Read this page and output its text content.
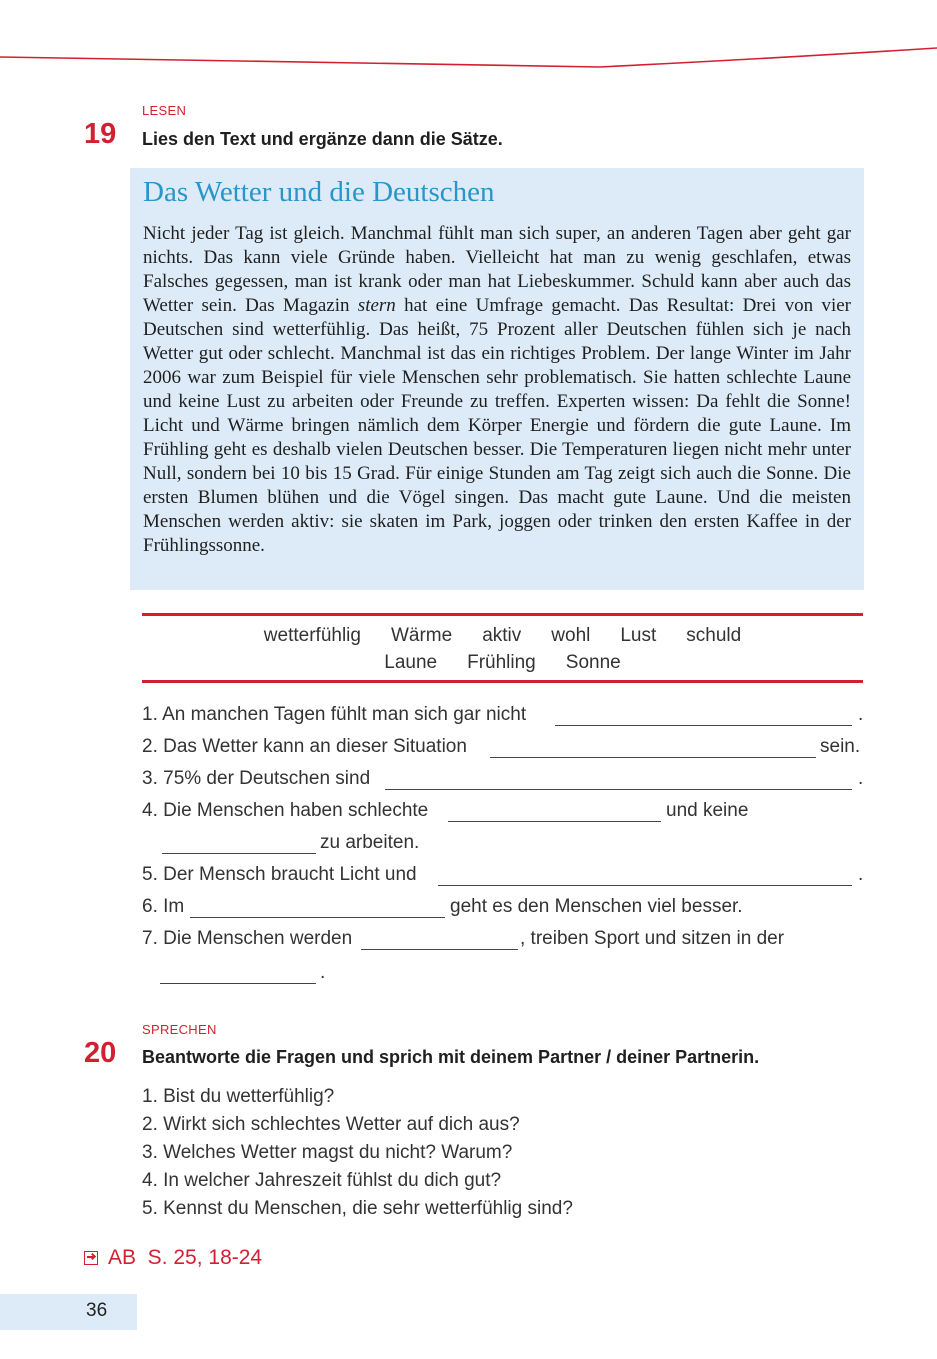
LESEN
19 Lies den Text und ergänze dann die Sätze.
Das Wetter und die Deutschen
Nicht jeder Tag ist gleich. Manchmal fühlt man sich super, an anderen Tagen aber geht gar nichts. Das kann viele Gründe haben. Vielleicht hat man zu wenig geschlafen, etwas Falsches gegessen, man ist krank oder man hat Liebeskummer. Schuld kann aber auch das Wetter sein. Das Magazin stern hat eine Umfrage gemacht. Das Resultat: Drei von vier Deutschen sind wetterfühlig. Das heißt, 75 Prozent aller Deutschen fühlen sich je nach Wetter gut oder schlecht. Manchmal ist das ein richtiges Problem. Der lange Winter im Jahr 2006 war zum Beispiel für viele Menschen sehr problematisch. Sie hatten schlechte Laune und keine Lust zu arbeiten oder Freunde zu treffen. Experten wissen: Da fehlt die Sonne! Licht und Wärme bringen nämlich dem Körper Energie und fördern die gute Laune. Im Frühling geht es deshalb vielen Deutschen besser. Die Temperaturen liegen nicht mehr unter Null, sondern bei 10 bis 15 Grad. Für einige Stunden am Tag zeigt sich auch die Sonne. Die ersten Blumen blühen und die Vögel singen. Das macht gute Laune. Und die meisten Menschen werden aktiv: sie skaten im Park, joggen oder trinken den ersten Kaffee in der Frühlingssonne.
wetterfühlig Wärme aktiv wohl Lust schuld
Laune Frühling Sonne
1. An manchen Tagen fühlt man sich gar nicht	.
2. Das Wetter kann an dieser Situation	sein.
3. 75% der Deutschen sind	.
4. Die Menschen haben schlechte	und keine
zu arbeiten.
5. Der Mensch braucht Licht und	.
6. Im	geht es den Menschen viel besser.
7. Die Menschen werden	, treiben Sport und sitzen in der
.
SPRECHEN
20 Beantworte die Fragen und sprich mit deinem Partner / deiner Partnerin.
1. Bist du wetterfühlig?
2. Wirkt sich schlechtes Wetter auf dich aus?
3. Welches Wetter magst du nicht? Warum?
4. In welcher Jahreszeit fühlst du dich gut?
5. Kennst du Menschen, die sehr wetterfühlig sind?
AB  S. 25, 18-24
36
